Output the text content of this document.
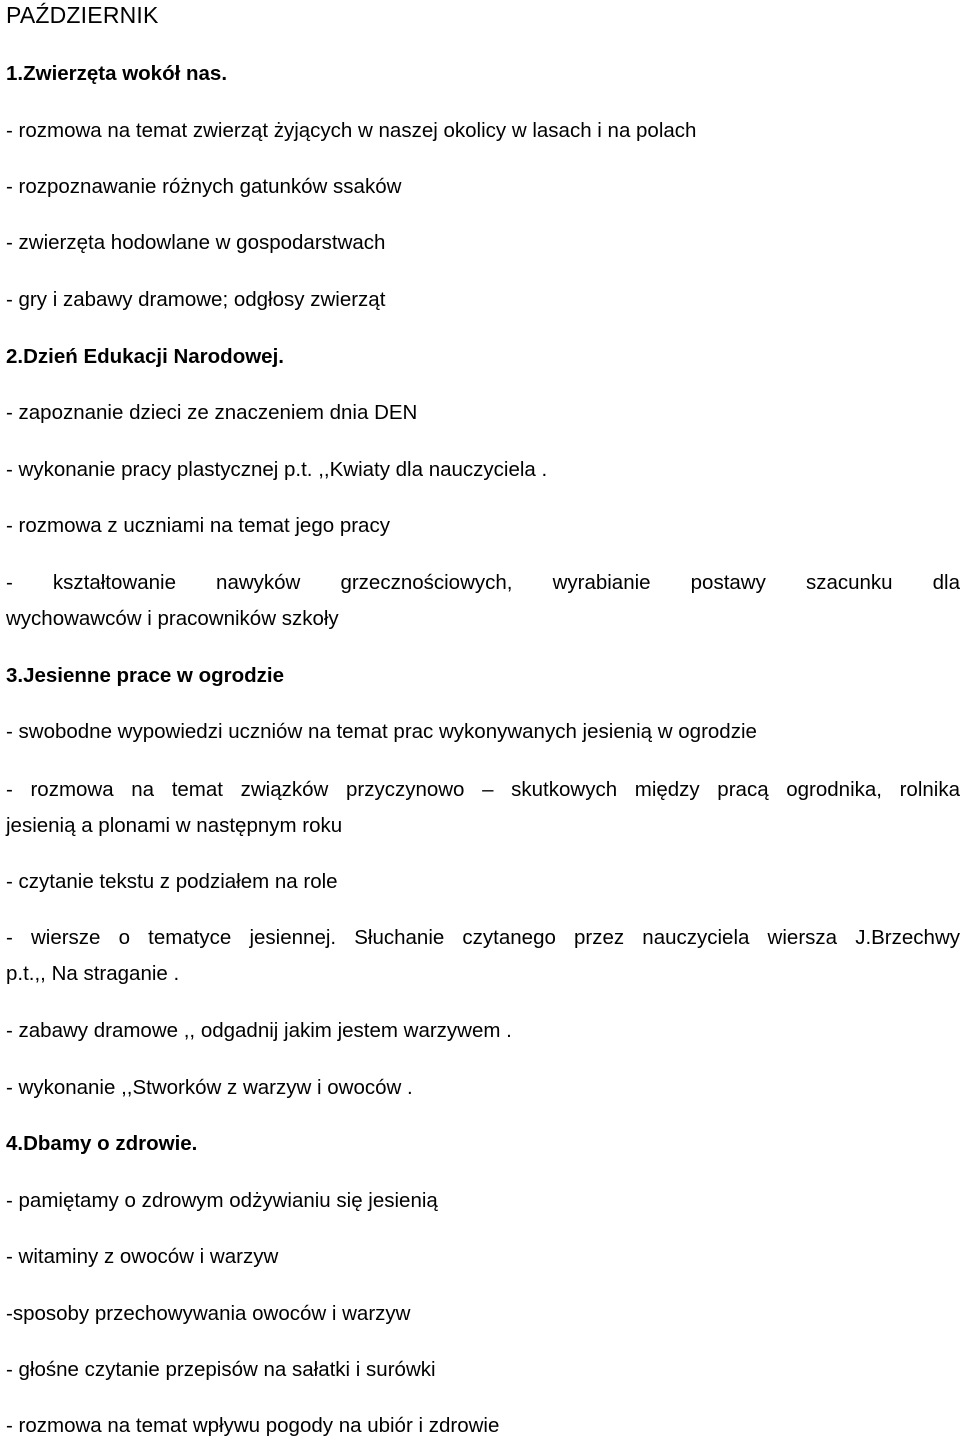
PAŹDZIERNIK
1.Zwierzęta wokół nas.
- rozmowa na temat zwierząt żyjących w naszej okolicy w lasach i na polach
- rozpoznawanie różnych gatunków ssaków
- zwierzęta hodowlane w gospodarstwach
- gry i zabawy dramowe; odgłosy zwierząt
2.Dzień Edukacji Narodowej.
- zapoznanie dzieci ze znaczeniem dnia DEN
- wykonanie pracy plastycznej p.t. ,,Kwiaty dla nauczyciela .
- rozmowa z uczniami na temat jego pracy
- kształtowanie nawyków grzecznościowych, wyrabianie postawy szacunku dla
wychowawców i pracowników szkoły
3.Jesienne prace w ogrodzie
- swobodne wypowiedzi uczniów na temat prac wykonywanych jesienią w ogrodzie
- rozmowa na temat związków przyczynowo – skutkowych między pracą ogrodnika, rolnika
jesienią a plonami w następnym roku
- czytanie tekstu z podziałem na role
- wiersze o tematyce jesiennej. Słuchanie czytanego przez nauczyciela wiersza J.Brzechwy
p.t.,, Na straganie .
- zabawy dramowe ,, odgadnij jakim jestem warzywem .
- wykonanie ,,Stworków z warzyw i owoców .
4.Dbamy o zdrowie.
- pamiętamy o zdrowym odżywianiu się jesienią
- witaminy z owoców i warzyw
-sposoby przechowywania owoców i warzyw
- głośne czytanie przepisów na sałatki i surówki
- rozmowa na temat wpływu pogody na ubiór i zdrowie
